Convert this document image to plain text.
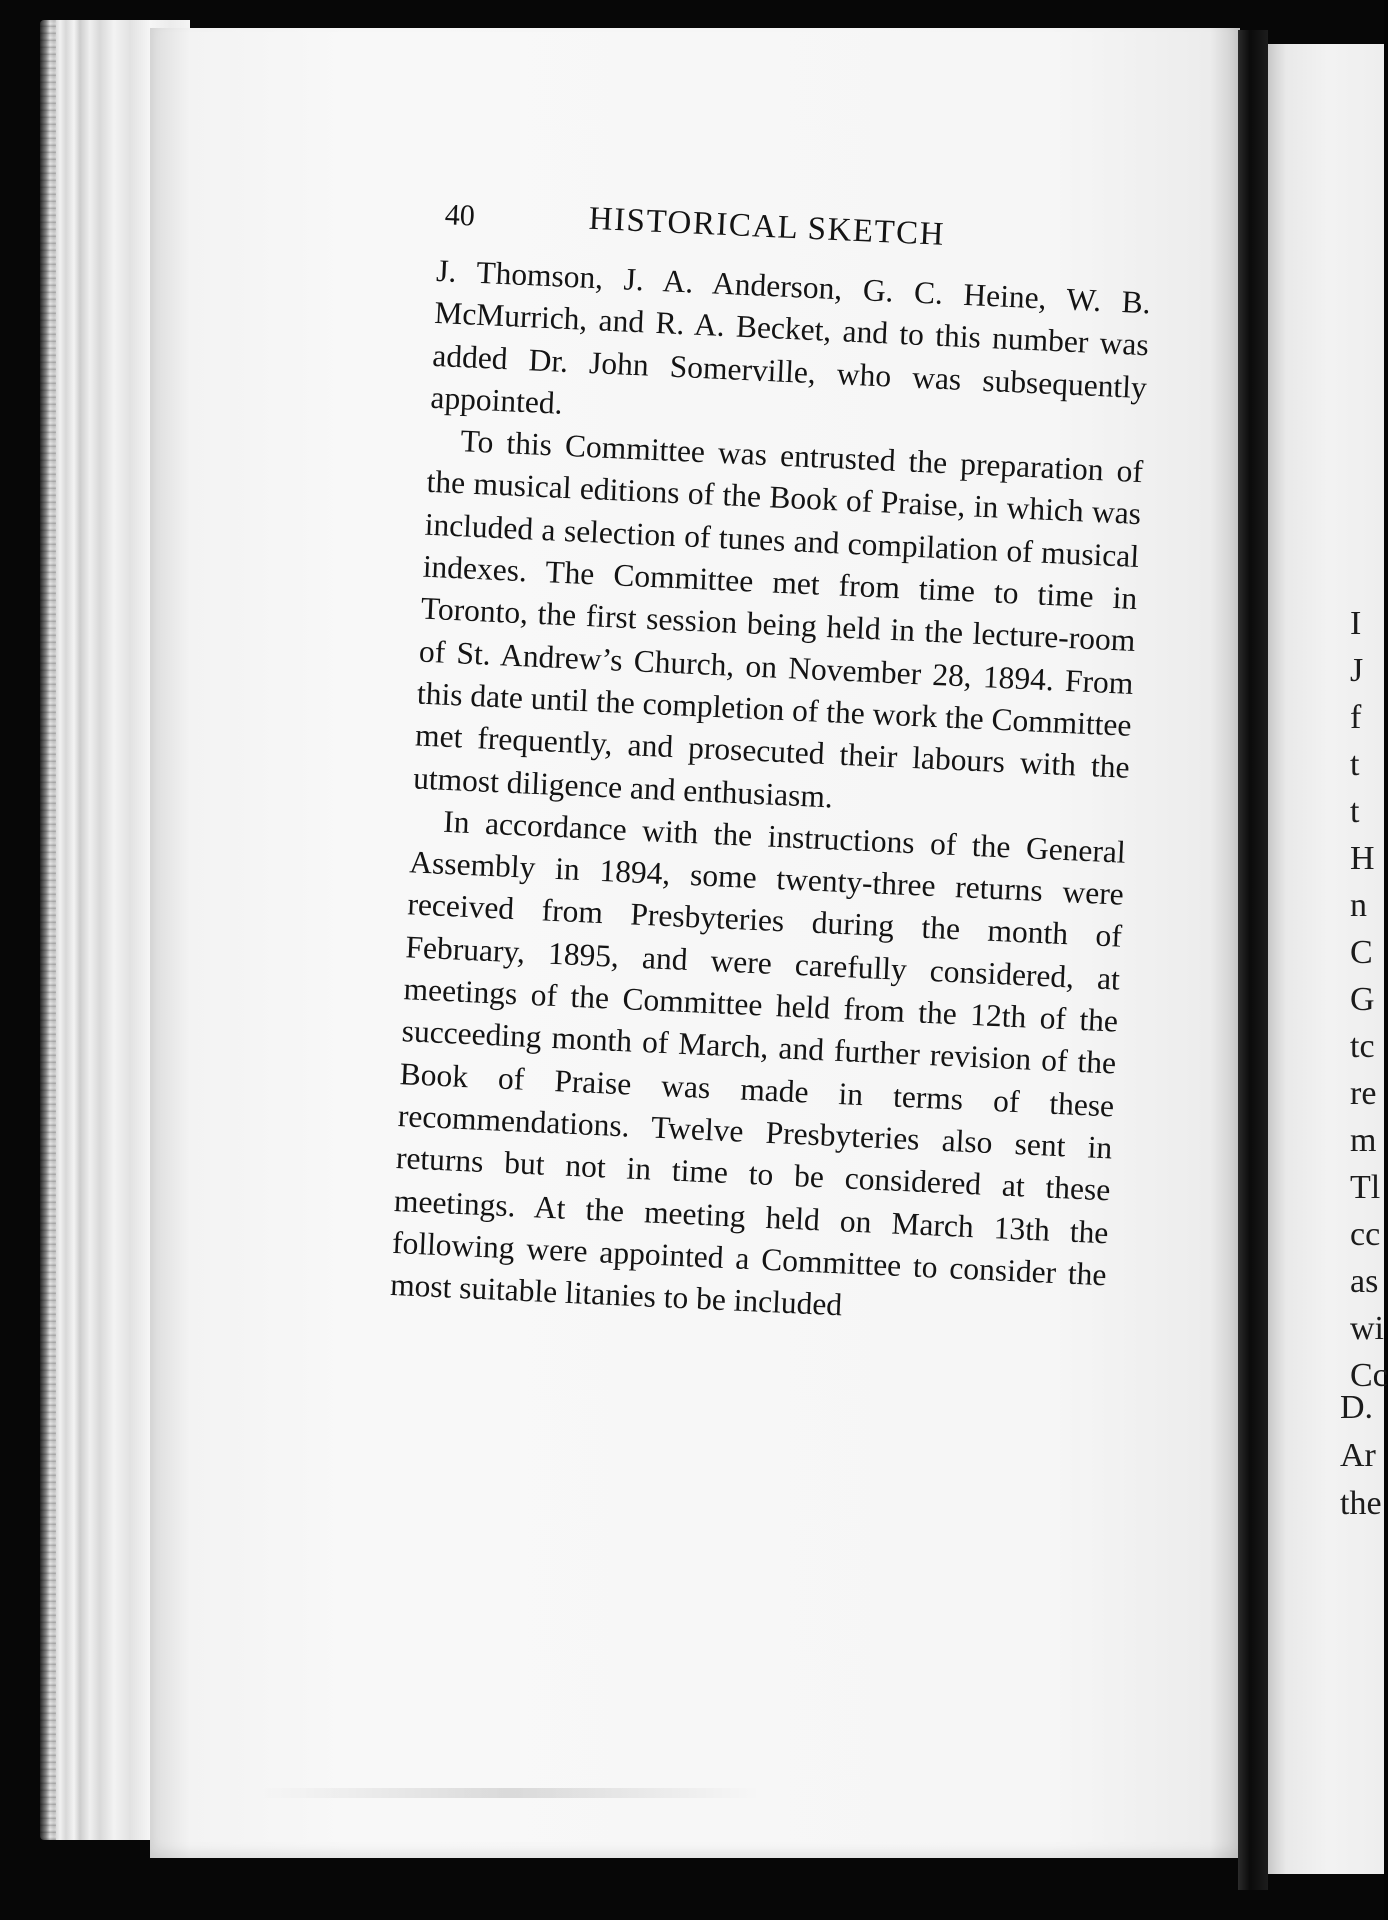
I
J
f
t
t
H
n
C
G
tc
re
m
Tl
cc
as
wi
Cc
D.
Ar
the
40	HISTORICAL SKETCH

J. Thomson, J. A. Anderson, G. C. Heine, W. B. McMurrich, and R. A. Becket, and to this number was added Dr. John Somerville, who was subsequently appointed.

To this Committee was entrusted the preparation of the musical editions of the Book of Praise, in which was included a selection of tunes and compilation of musical indexes. The Committee met from time to time in Toronto, the first session being held in the lecture-room of St. Andrew’s Church, on November 28, 1894. From this date until the completion of the work the Committee met frequently, and prosecuted their labours with the utmost diligence and enthusiasm.

In accordance with the instructions of the General Assembly in 1894, some twenty-three returns were received from Presbyteries during the month of February, 1895, and were carefully considered, at meetings of the Committee held from the 12th of the succeeding month of March, and further revision of the Book of Praise was made in terms of these recommendations. Twelve Presbyteries also sent in returns but not in time to be considered at these meetings. At the meeting held on March 13th the following were appointed a Committee to consider the most suitable litanies to be included
